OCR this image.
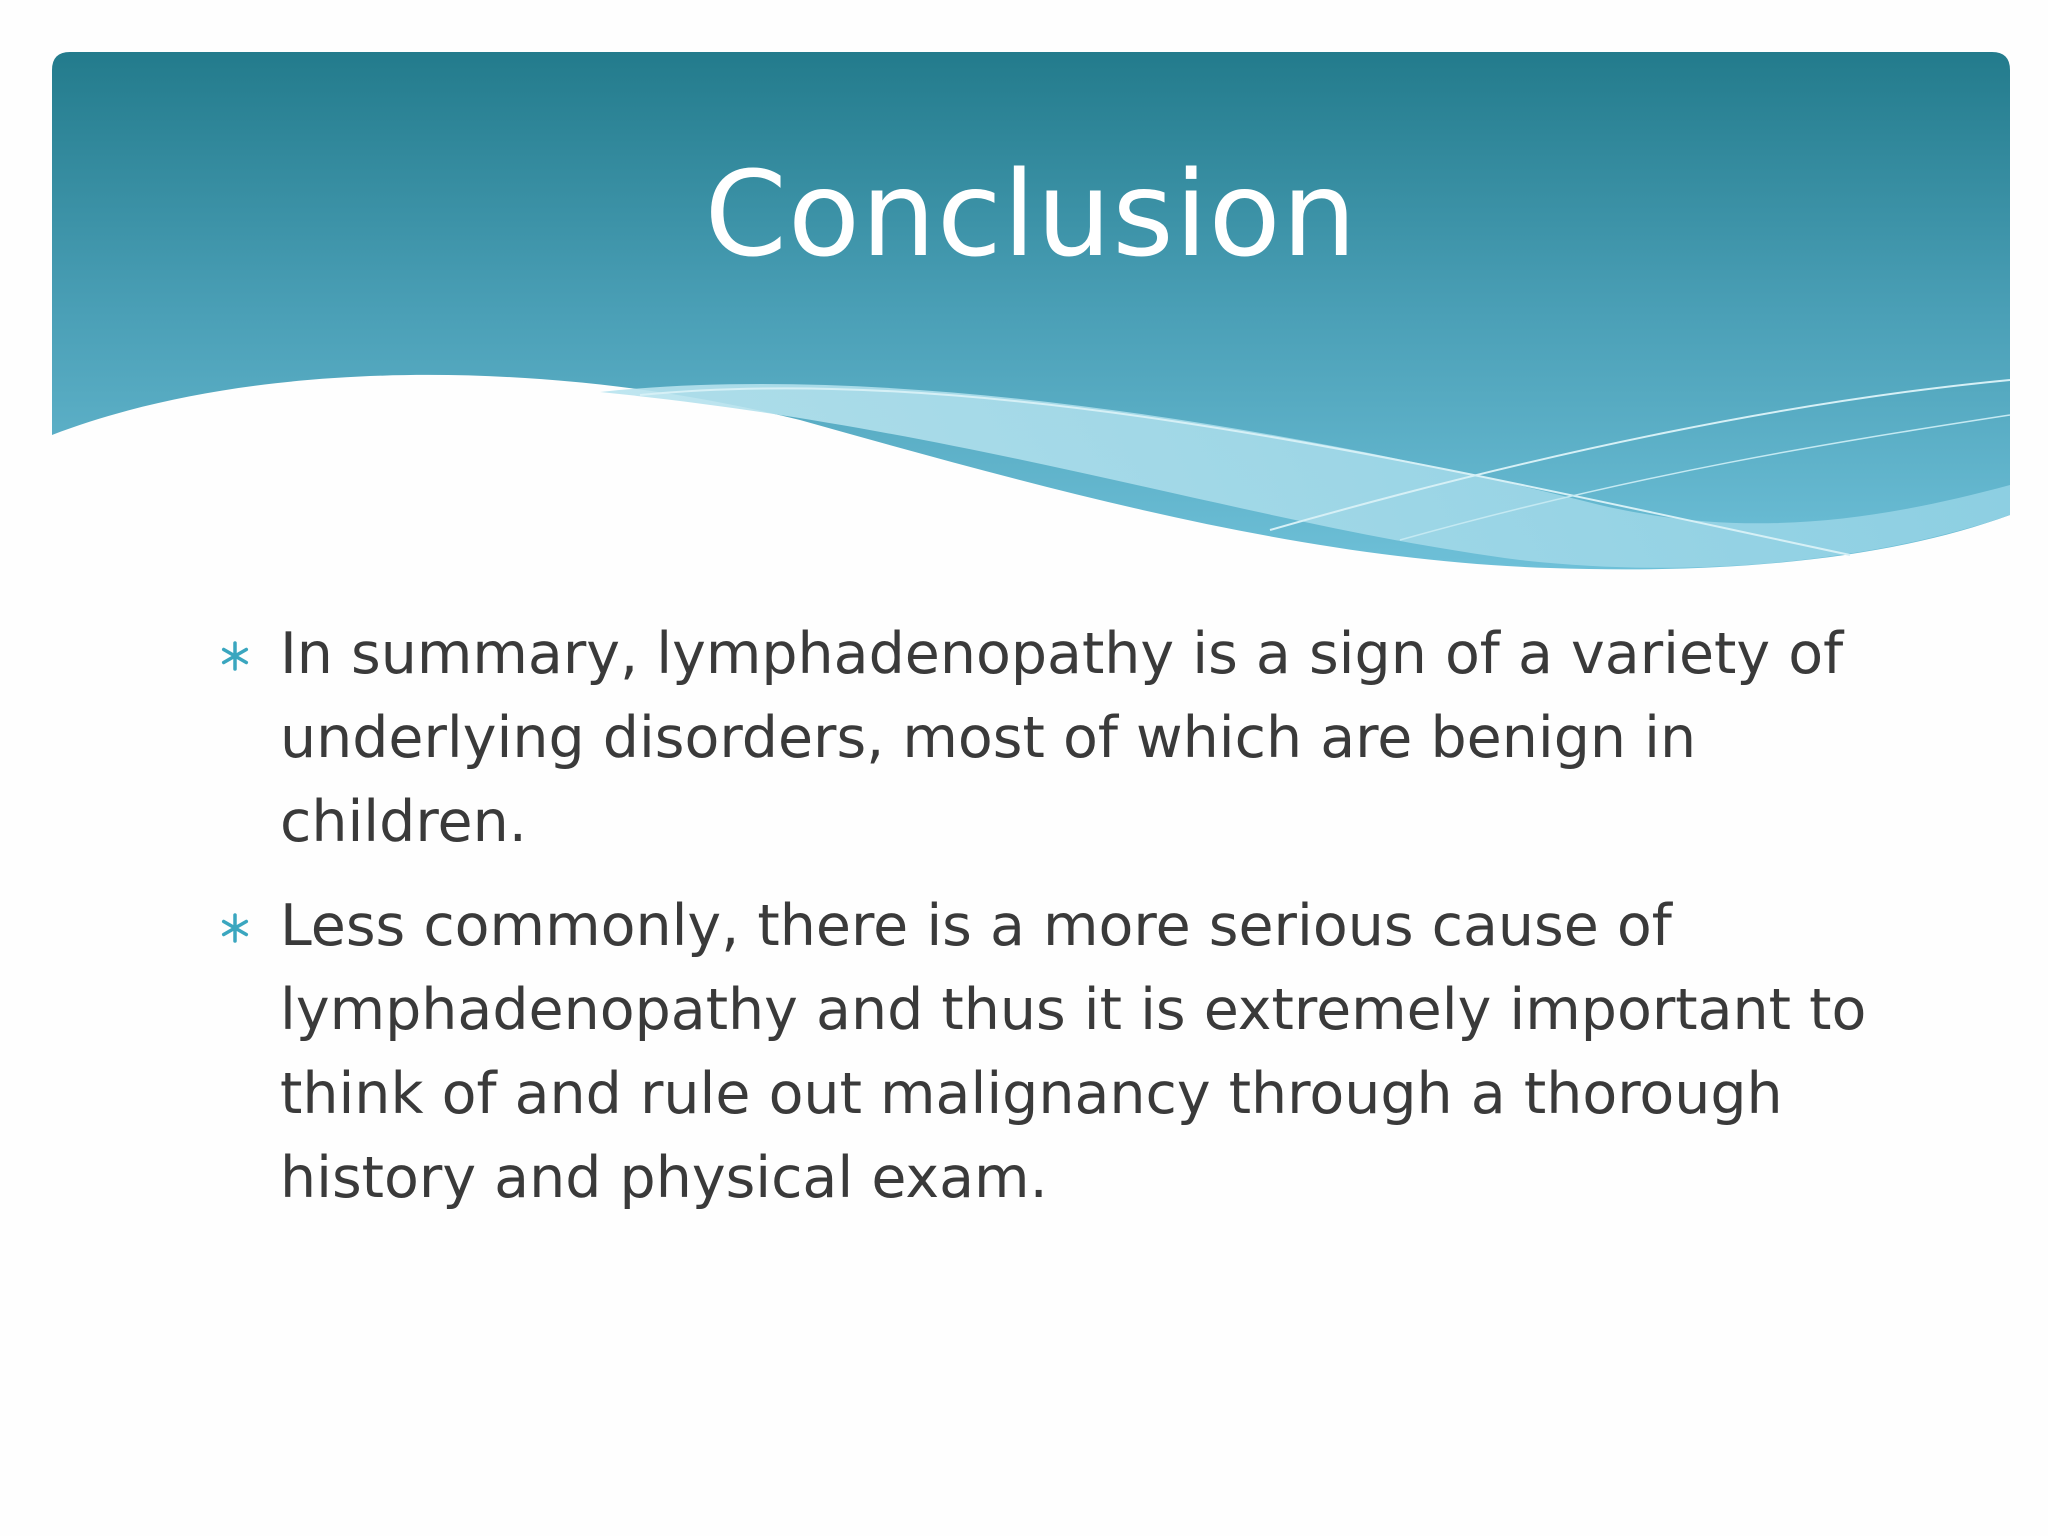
Conclusion
In summary, lymphadenopathy is a sign of a variety of underlying disorders, most of which are benign in children.
Less commonly, there is a more serious cause of lymphadenopathy and thus it is extremely important to think of and rule out malignancy through a thorough history and physical exam.
